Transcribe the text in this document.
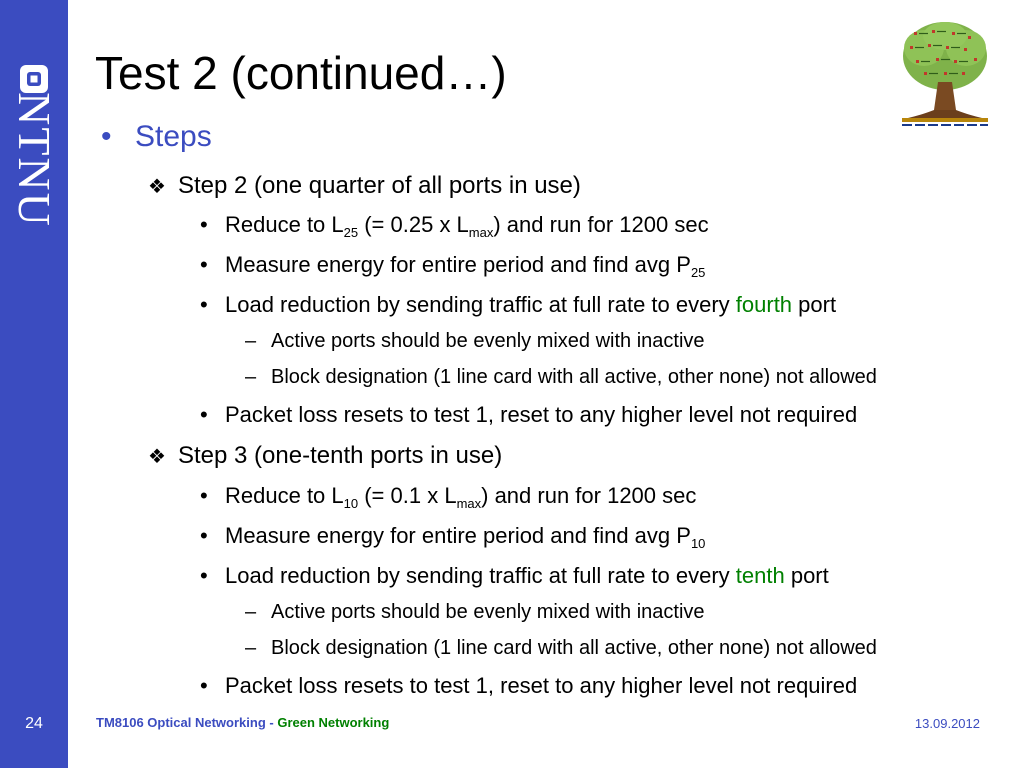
NTNU
24
Test 2 (continued…)
• Steps
❖ Step 2 (one quarter of all ports in use)
• Reduce to $L_{25}$ (= 0.25 x $L_{max}$) and run for 1200 sec
• Measure energy for entire period and find avg $P_{25}$
• Load reduction by sending traffic at full rate to every fourth port
– Active ports should be evenly mixed with inactive
– Block designation (1 line card with all active, other none) not allowed
• Packet loss resets to test 1, reset to any higher level not required
❖ Step 3 (one-tenth ports in use)
• Reduce to $L_{10}$ (= 0.1 x $L_{max}$) and run for 1200 sec
• Measure energy for entire period and find avg $P_{10}$
• Load reduction by sending traffic at full rate to every tenth port
– Active ports should be evenly mixed with inactive
– Block designation (1 line card with all active, other none) not allowed
• Packet loss resets to test 1, reset to any higher level not required
TM8106 Optical Networking - Green Networking	13.09.2012
